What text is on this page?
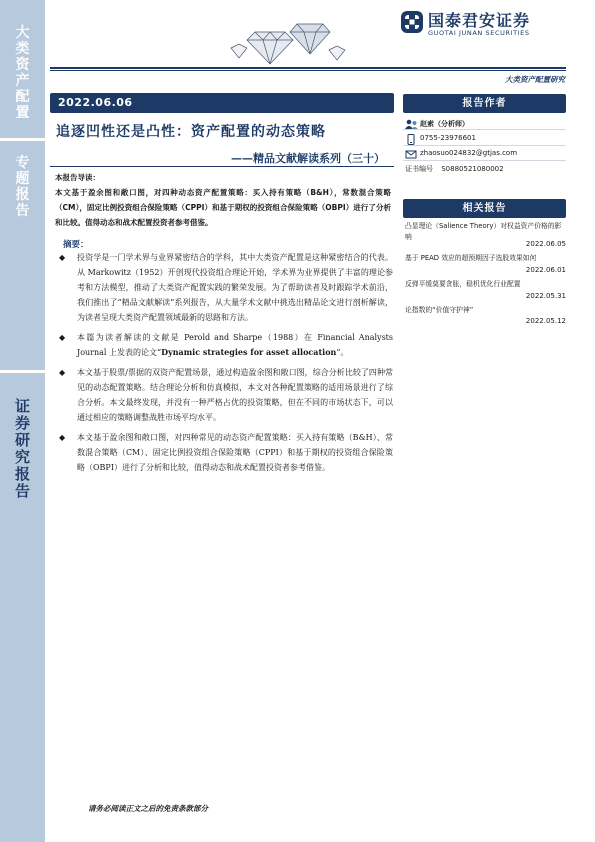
大
类
资
产
配
置
专
题
报
告
证
券
研
究
报
告
国泰君安证券
GUOTAI JUNAN SECURITIES
大类资产配置研究
2022.06.06
追逐凹性还是凸性：资产配置的动态策略
——精品文献解读系列（三十）
本报告导读：
本文基于盈余图和敞口图，对四种动态资产配置策略：买入持有策略（B&H），常数混合策略（CM），固定比例投资组合保险策略（CPPI）和基于期权的投资组合保险策略（OBPI）进行了分析和比较。值得动态和战术配置投资者参考借鉴。
摘要：
◆ 投资学是一门学术界与业界紧密结合的学科，其中大类资产配置是这种紧密结合的代表。从 Markowitz（1952）开创现代投资组合理论开始，学术界为业界提供了丰富的理论参考和方法模型，推动了大类资产配置实践的繁荣发展。为了帮助读者及时跟踪学术前沿，我们推出了“精品文献解读”系列报告，从大量学术文献中挑选出精品论文进行剖析解读，为读者呈现大类资产配置领域最新的思路和方法。
◆ 本篇为读者解读的文献是 Perold and Sharpe（1988）在 Financial Analysts Journal 上发表的论文“Dynamic strategies for asset allocation”。
◆ 本文基于股票/票据的双资产配置场景，通过构造盈余图和敞口图，综合分析比较了四种常见的动态配置策略。结合理论分析和仿真模拟，本文对各种配置策略的适用场景进行了综合分析。本文最终发现，并没有一种严格占优的投资策略，但在不同的市场状态下，可以通过相应的策略调整战胜市场平均水平。
◆ 本文基于盈余图和敞口图，对四种常见的动态资产配置策略：买入持有策略（B&H）、常数混合策略（CM）、固定比例投资组合保险策略（CPPI）和基于期权的投资组合保险策略（OBPI）进行了分析和比较，值得动态和战术配置投资者参考借鉴。
报告作者
赵索（分析师）
0755-23976601
zhaosuo024832@gtjas.com
证书编号 S0880521080002
相关报告
凸显理论（Salience Theory）对权益资产价格的影响
2022.06.05
基于 PEAD 效应的超预期因子选股效果如何
2022.06.01
反弹平缓莫要贪胀，稳机优化行业配置
2022.05.31
论指数的“价值守护神”
2022.05.12
请务必阅读正文之后的免责条款部分
